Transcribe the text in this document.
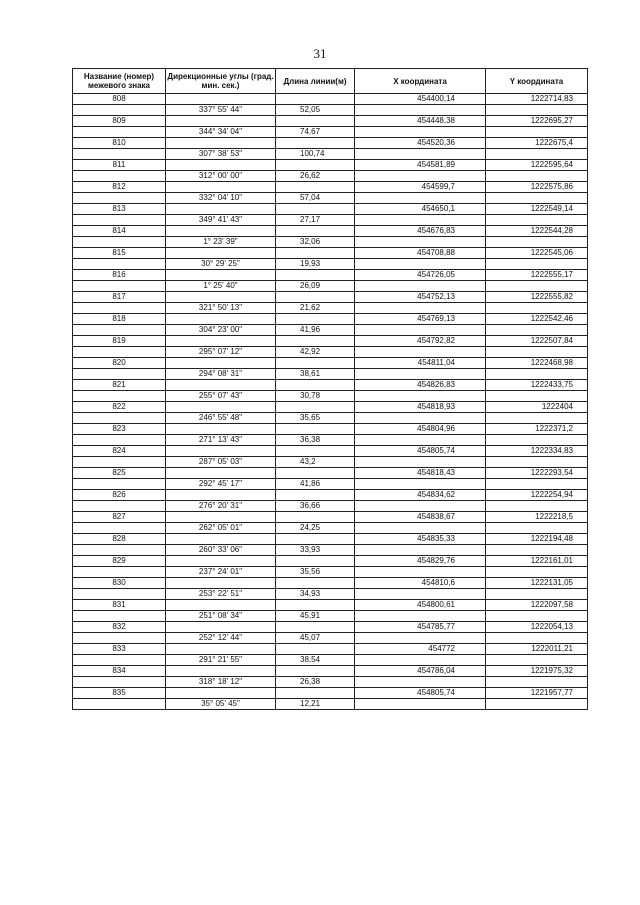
31
Название (номер) межевого знака	Дирекционные углы (град. мин. сек.)	Длина линии(м)	X координата	Y координата
808			454400,14	1222714,83
	337° 55' 44"	52,05		
809			454448,38	1222695,27
	344° 34' 04"	74,67		
810			454520,36	1222675,4
	307° 38' 53"	100,74		
811			454581,89	1222595,64
	312° 00' 00"	26,62		
812			454599,7	1222575,86
	332° 04' 10"	57,04		
813			454650,1	1222549,14
	349° 41' 43"	27,17		
814			454676,83	1222544,28
	1° 23' 39"	32,06		
815			454708,88	1222545,06
	30° 29' 25"	19,93		
816			454726,05	1222555,17
	1° 25' 40"	26,09		
817			454752,13	1222555,82
	321° 50' 13"	21,62		
818			454769,13	1222542,46
	304° 23' 00"	41,96		
819			454792,82	1222507,84
	295° 07' 12"	42,92		
820			454811,04	1222468,98
	294° 08' 31"	38,61		
821			454826,83	1222433,75
	255° 07' 43"	30,78		
822			454818,93	1222404
	246° 55' 48"	35,65		
823			454804,96	1222371,2
	271° 13' 43"	36,38		
824			454805,74	1222334,83
	287° 05' 03"	43,2		
825			454818,43	1222293,54
	292° 45' 17"	41,86		
826			454834,62	1222254,94
	276° 20' 31"	36,66		
827			454838,67	1222218,5
	262° 05' 01"	24,25		
828			454835,33	1222194,48
	260° 33' 06"	33,93		
829			454829,76	1222161,01
	237° 24' 01"	35,56		
830			454810,6	1222131,05
	253° 22' 51"	34,93		
831			454800,61	1222097,58
	251° 08' 34"	45,91		
832			454785,77	1222054,13
	252° 12' 44"	45,07		
833			454772	1222011,21
	291° 21' 55"	38,54		
834			454786,04	1221975,32
	318° 18' 12"	26,38		
835			454805,74	1221957,77
	35° 05' 45"	12,21		
